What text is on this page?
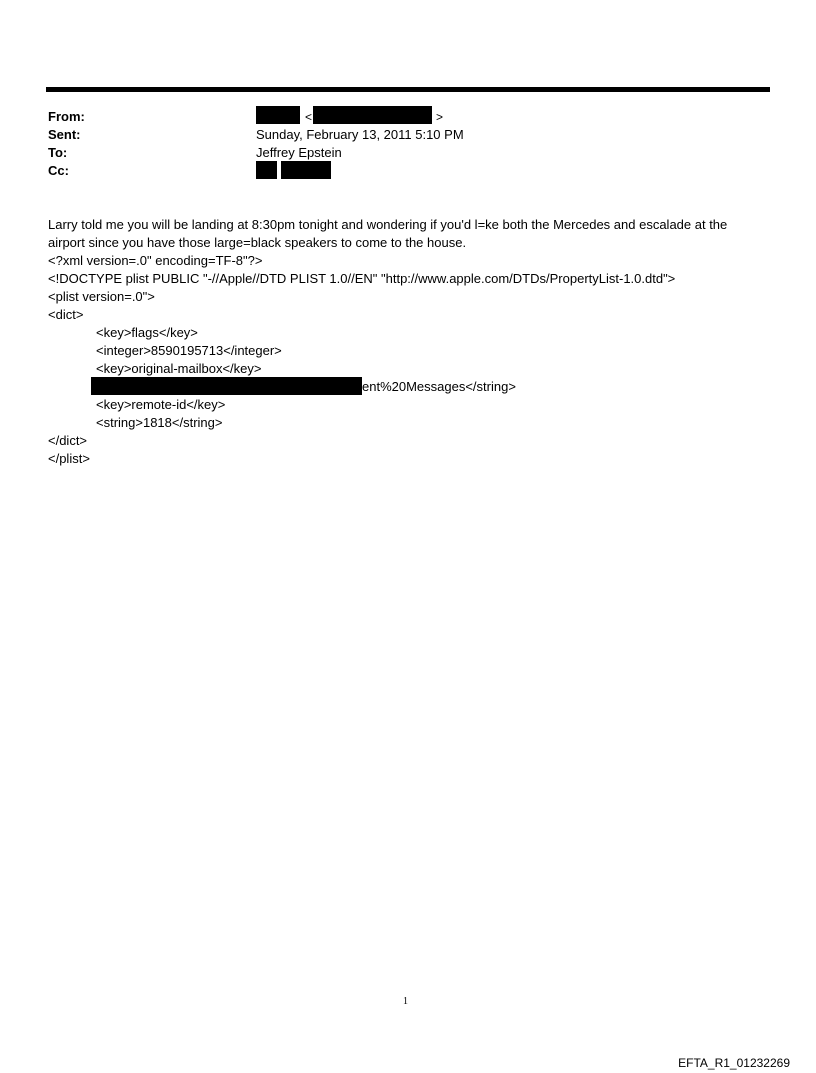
From:
Sent:
To:
Cc:
<	>
Sunday, February 13, 2011 5:10 PM
Jeffrey Epstein
Larry told me you will be landing at 8:30pm tonight and wondering if you'd l=ke both the Mercedes and escalade at the
airport since you have those large=black speakers to come to the house.
<?xml version=.0" encoding=TF-8"?>
<!DOCTYPE plist PUBLIC "-//Apple//DTD PLIST 1.0//EN" "http://www.apple.com/DTDs/PropertyList-1.0.dtd">
<plist version=.0">
<dict>
<key>flags</key>
<integer>8590195713</integer>
<key>original-mailbox</key>
ent%20Messages</string>
<key>remote-id</key>
<string>1818</string>
</dict>
</plist>
1
EFTA_R1_01232269
